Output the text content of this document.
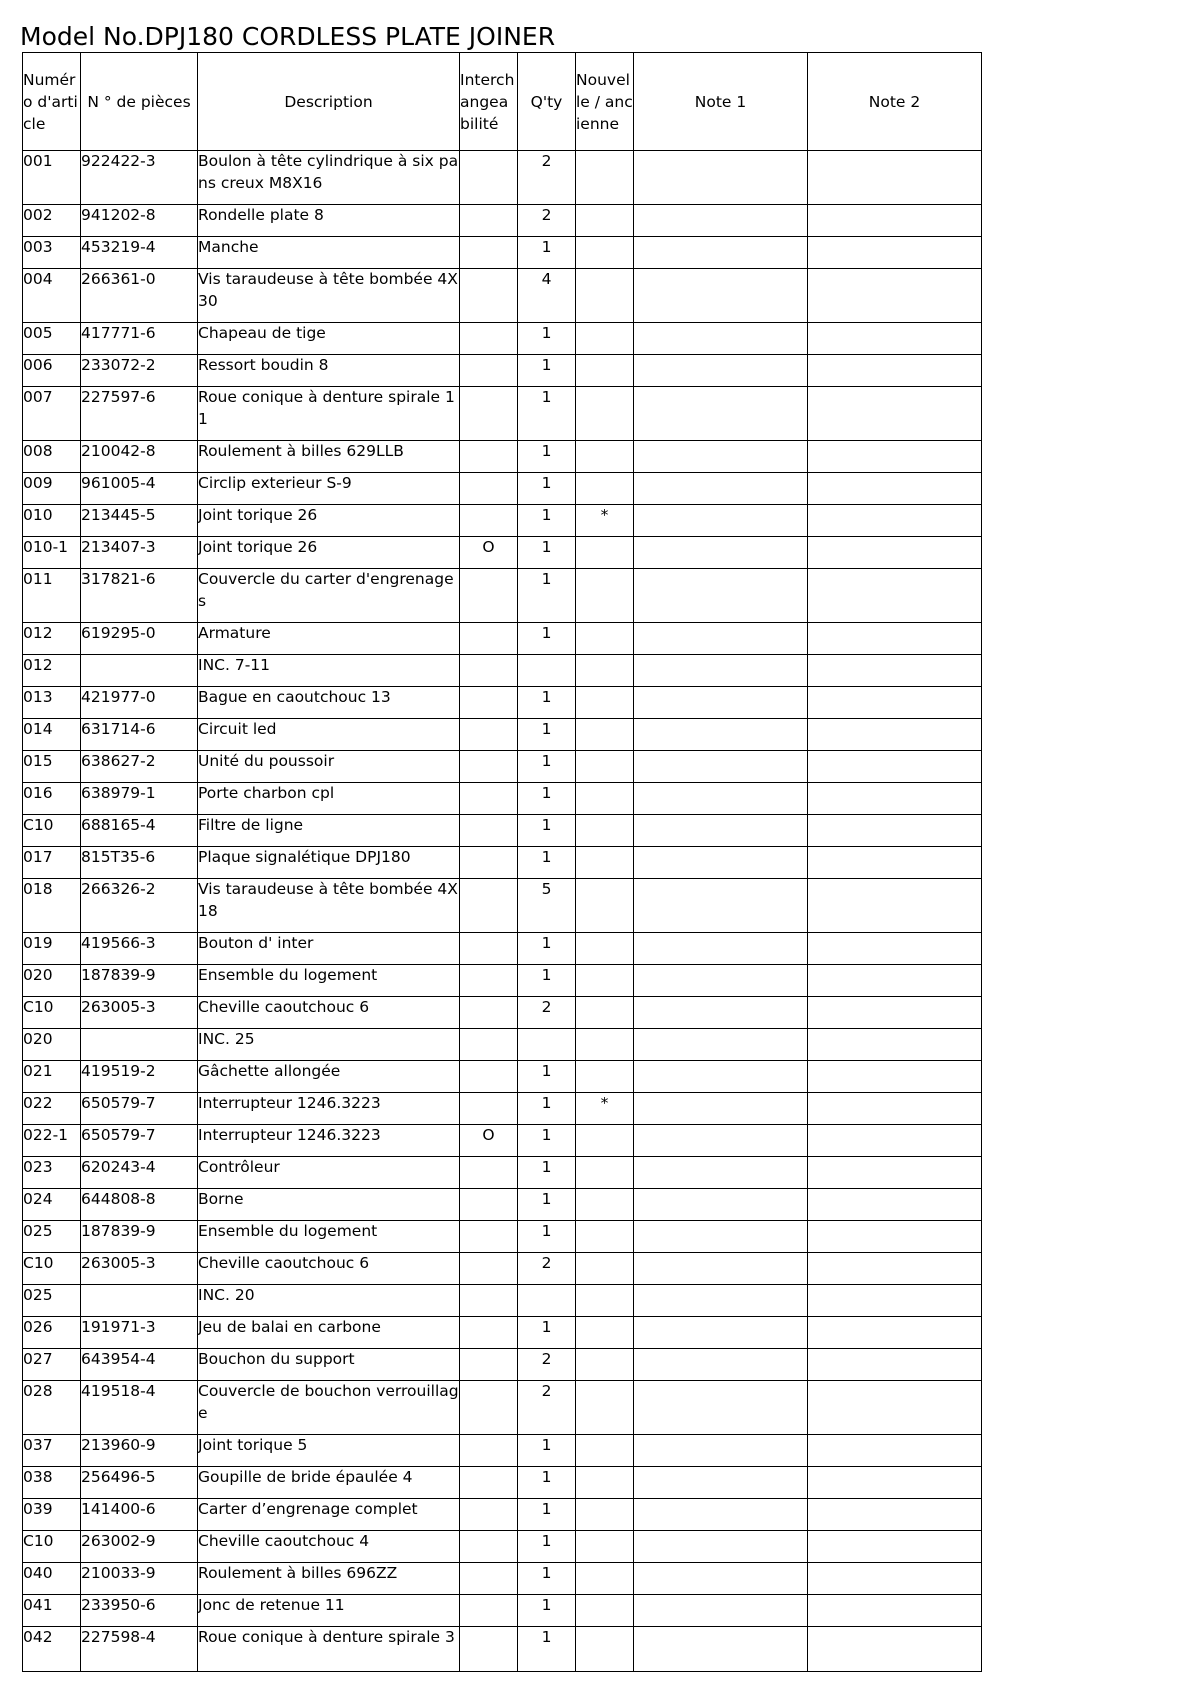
Model No.DPJ180 CORDLESS PLATE JOINER
Numéro d'article	N ° de pièces	Description	Interchangeabilité	Q'ty	Nouvelle / ancienne	Note 1	Note 2
001	922422-3	Boulon à tête cylindrique à six pans creux M8X16		2			
002	941202-8	Rondelle plate 8		2			
003	453219-4	Manche		1			
004	266361-0	Vis taraudeuse à tête bombée 4X30		4			
005	417771-6	Chapeau de tige		1			
006	233072-2	Ressort boudin 8		1			
007	227597-6	Roue conique à denture spirale 11		1			
008	210042-8	Roulement à billes 629LLB		1			
009	961005-4	Circlip exterieur S-9		1			
010	213445-5	Joint torique 26		1	*		
010-1	213407-3	Joint torique 26	O	1			
011	317821-6	Couvercle du carter d'engrenages		1			
012	619295-0	Armature		1			
012		INC. 7-11					
013	421977-0	Bague en caoutchouc 13		1			
014	631714-6	Circuit led		1			
015	638627-2	Unité du poussoir		1			
016	638979-1	Porte charbon cpl		1			
C10	688165-4	Filtre de ligne		1			
017	815T35-6	Plaque signalétique DPJ180		1			
018	266326-2	Vis taraudeuse à tête bombée 4X18		5			
019	419566-3	Bouton d' inter		1			
020	187839-9	Ensemble du logement		1			
C10	263005-3	Cheville caoutchouc 6		2			
020		INC. 25					
021	419519-2	Gâchette allongée		1			
022	650579-7	Interrupteur 1246.3223		1	*		
022-1	650579-7	Interrupteur 1246.3223	O	1			
023	620243-4	Contrôleur		1			
024	644808-8	Borne		1			
025	187839-9	Ensemble du logement		1			
C10	263005-3	Cheville caoutchouc 6		2			
025		INC. 20					
026	191971-3	Jeu de balai en carbone		1			
027	643954-4	Bouchon du support		2			
028	419518-4	Couvercle de bouchon verrouillage		2			
037	213960-9	Joint torique 5		1			
038	256496-5	Goupille de bride épaulée 4		1			
039	141400-6	Carter d’engrenage complet		1			
C10	263002-9	Cheville caoutchouc 4		1			
040	210033-9	Roulement à billes 696ZZ		1			
041	233950-6	Jonc de retenue 11		1			
042	227598-4	Roue conique à denture spirale 3		1			
